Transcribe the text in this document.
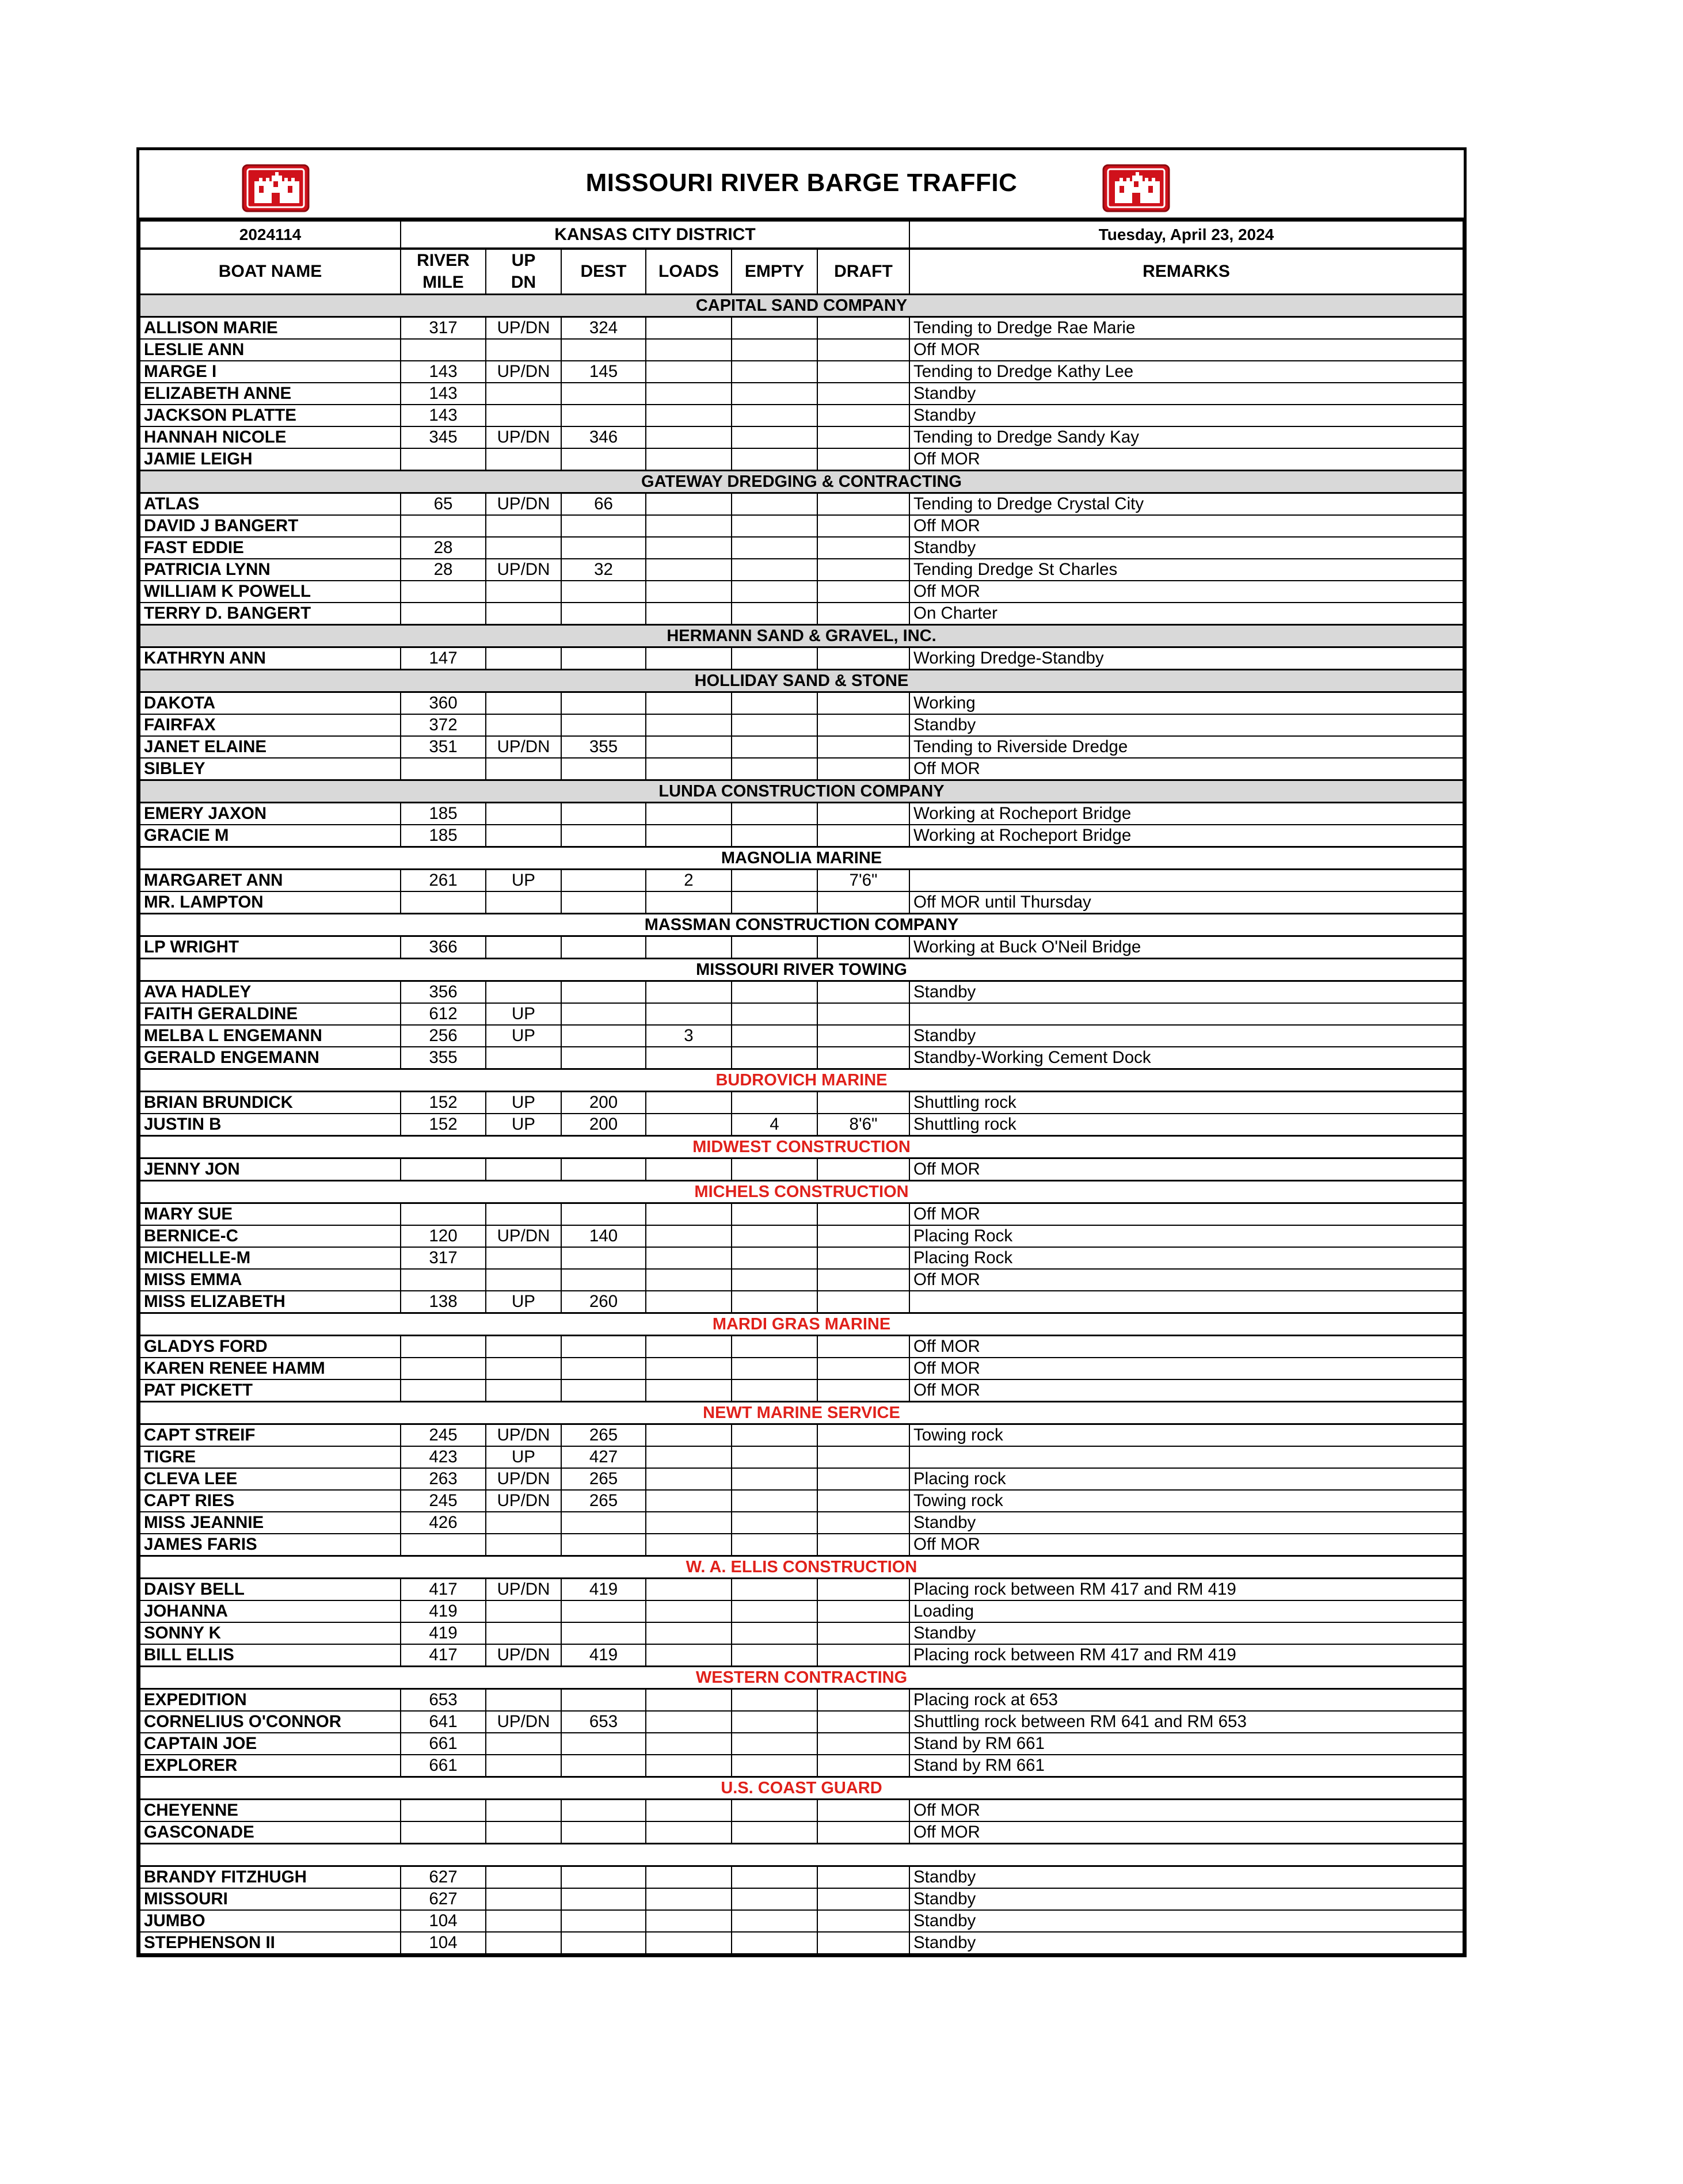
MISSOURI RIVER BARGE TRAFFIC
2024114	KANSAS CITY DISTRICT						Tuesday, April 23, 2024
BOAT NAME	RIVER
MILE	UP
DN	DEST	LOADS	EMPTY	DRAFT	REMARKS
CAPITAL SAND COMPANY							
ALLISON MARIE	317	UP/DN	324				Tending to Dredge Rae Marie
LESLIE ANN							Off MOR
MARGE I	143	UP/DN	145				Tending to Dredge Kathy Lee
ELIZABETH ANNE	143						Standby
JACKSON PLATTE	143						Standby
HANNAH NICOLE	345	UP/DN	346				Tending to Dredge Sandy Kay
JAMIE LEIGH							Off MOR
GATEWAY DREDGING & CONTRACTING							
ATLAS	65	UP/DN	66				Tending to Dredge Crystal City
DAVID J BANGERT							Off MOR
FAST EDDIE	28						Standby
PATRICIA LYNN	28	UP/DN	32				Tending Dredge St Charles
WILLIAM K POWELL							Off MOR
TERRY D. BANGERT							On Charter
HERMANN SAND & GRAVEL, INC.							
KATHRYN ANN	147						Working Dredge-Standby
HOLLIDAY SAND & STONE							
DAKOTA	360						Working
FAIRFAX	372						Standby
JANET ELAINE	351	UP/DN	355				Tending to Riverside Dredge
SIBLEY							Off MOR
LUNDA CONSTRUCTION COMPANY							
EMERY JAXON	185						Working at Rocheport Bridge
GRACIE M	185						Working at Rocheport Bridge
MAGNOLIA MARINE							
MARGARET ANN	261	UP		2		7'6"	
MR. LAMPTON							Off MOR until Thursday
MASSMAN CONSTRUCTION COMPANY							
LP WRIGHT	366						Working at Buck O'Neil Bridge
MISSOURI RIVER TOWING							
AVA HADLEY	356						Standby
FAITH GERALDINE	612	UP					
MELBA L ENGEMANN	256	UP		3			Standby
GERALD ENGEMANN	355						Standby-Working Cement Dock
BUDROVICH MARINE							
BRIAN BRUNDICK	152	UP	200				Shuttling rock
JUSTIN B	152	UP	200		4	8'6"	Shuttling rock
MIDWEST CONSTRUCTION							
JENNY JON							Off MOR
MICHELS CONSTRUCTION							
MARY SUE							Off MOR
BERNICE-C	120	UP/DN	140				Placing Rock
MICHELLE-M	317						Placing Rock
MISS EMMA							Off MOR
MISS ELIZABETH	138	UP	260				
MARDI GRAS MARINE							
GLADYS FORD							Off MOR
KAREN RENEE HAMM							Off MOR
PAT PICKETT							Off MOR
NEWT MARINE SERVICE							
CAPT STREIF	245	UP/DN	265				Towing rock
TIGRE	423	UP	427				
CLEVA LEE	263	UP/DN	265				Placing rock
CAPT RIES	245	UP/DN	265				Towing rock
MISS JEANNIE	426						Standby
JAMES FARIS							Off MOR
W. A. ELLIS CONSTRUCTION							
DAISY BELL	417	UP/DN	419				Placing rock between RM 417 and RM 419
JOHANNA	419						Loading
SONNY K	419						Standby
BILL ELLIS	417	UP/DN	419				Placing rock between RM 417 and RM 419
WESTERN CONTRACTING							
EXPEDITION	653						Placing rock at 653
CORNELIUS O'CONNOR	641	UP/DN	653				Shuttling rock between RM 641 and RM 653
CAPTAIN JOE	661						Stand by RM 661
EXPLORER	661						Stand by RM 661
U.S. COAST GUARD							
CHEYENNE							Off MOR
GASCONADE							Off MOR

BRANDY FITZHUGH	627						Standby
MISSOURI	627						Standby
JUMBO	104						Standby
STEPHENSON II	104						Standby
